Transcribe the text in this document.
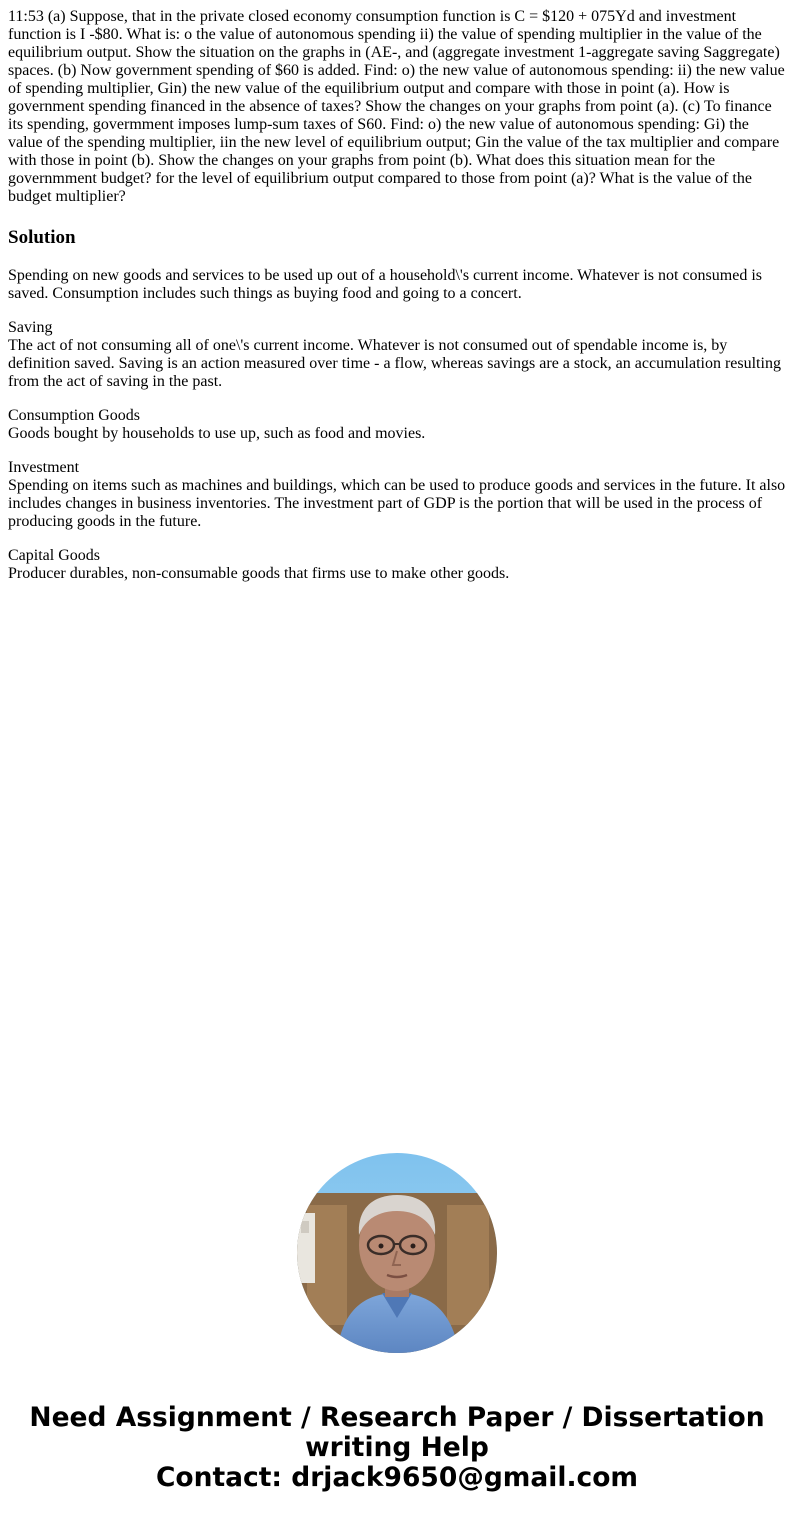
11:53 (a) Suppose, that in the private closed economy consumption function is C = $120 + 075Yd and investment function is I -$80. What is: o the value of autonomous spending ii) the value of spending multiplier in the value of the equilibrium output. Show the situation on the graphs in (AE-, and (aggregate investment 1-aggregate saving Saggregate) spaces. (b) Now government spending of $60 is added. Find: o) the new value of autonomous spending: ii) the new value of spending multiplier, Gin) the new value of the equilibrium output and compare with those in point (a). How is government spending financed in the absence of taxes? Show the changes on your graphs from point (a). (c) To finance its spending, govermment imposes lump-sum taxes of S60. Find: o) the new value of autonomous spending: Gi) the value of the spending multiplier, iin the new level of equilibrium output; Gin the value of the tax multiplier and compare with those in point (b). Show the changes on your graphs from point (b). What does this situation mean for the governmment budget? for the level of equilibrium output compared to those from point (a)? What is the value of the budget multiplier?

Solution

Spending on new goods and services to be used up out of a household\'s current income. Whatever is not consumed is saved. Consumption includes such things as buying food and going to a concert.

Saving
The act of not consuming all of one\'s current income. Whatever is not consumed out of spendable income is, by definition saved. Saving is an action measured over time - a flow, whereas savings are a stock, an accumulation resulting from the act of saving in the past.

Consumption Goods
Goods bought by households to use up, such as food and movies.

Investment
Spending on items such as machines and buildings, which can be used to produce goods and services in the future. It also includes changes in business inventories. The investment part of GDP is the portion that will be used in the process of producing goods in the future.

Capital Goods
Producer durables, non-consumable goods that firms use to make other goods.

Need Assignment / Research Paper / Dissertation
writing Help
Contact: drjack9650@gmail.com
